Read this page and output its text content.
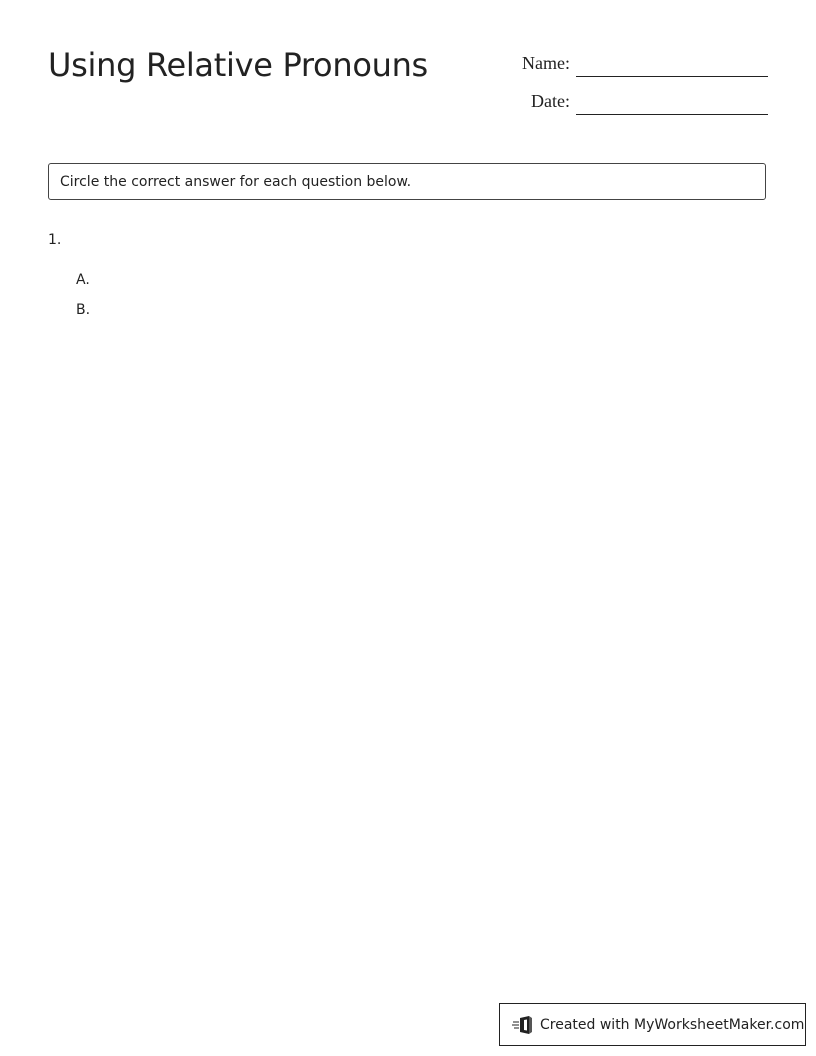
Using Relative Pronouns	Name:
Date:
Circle the correct answer for each question below.
1.
A.
B.
Created with MyWorksheetMaker.com
